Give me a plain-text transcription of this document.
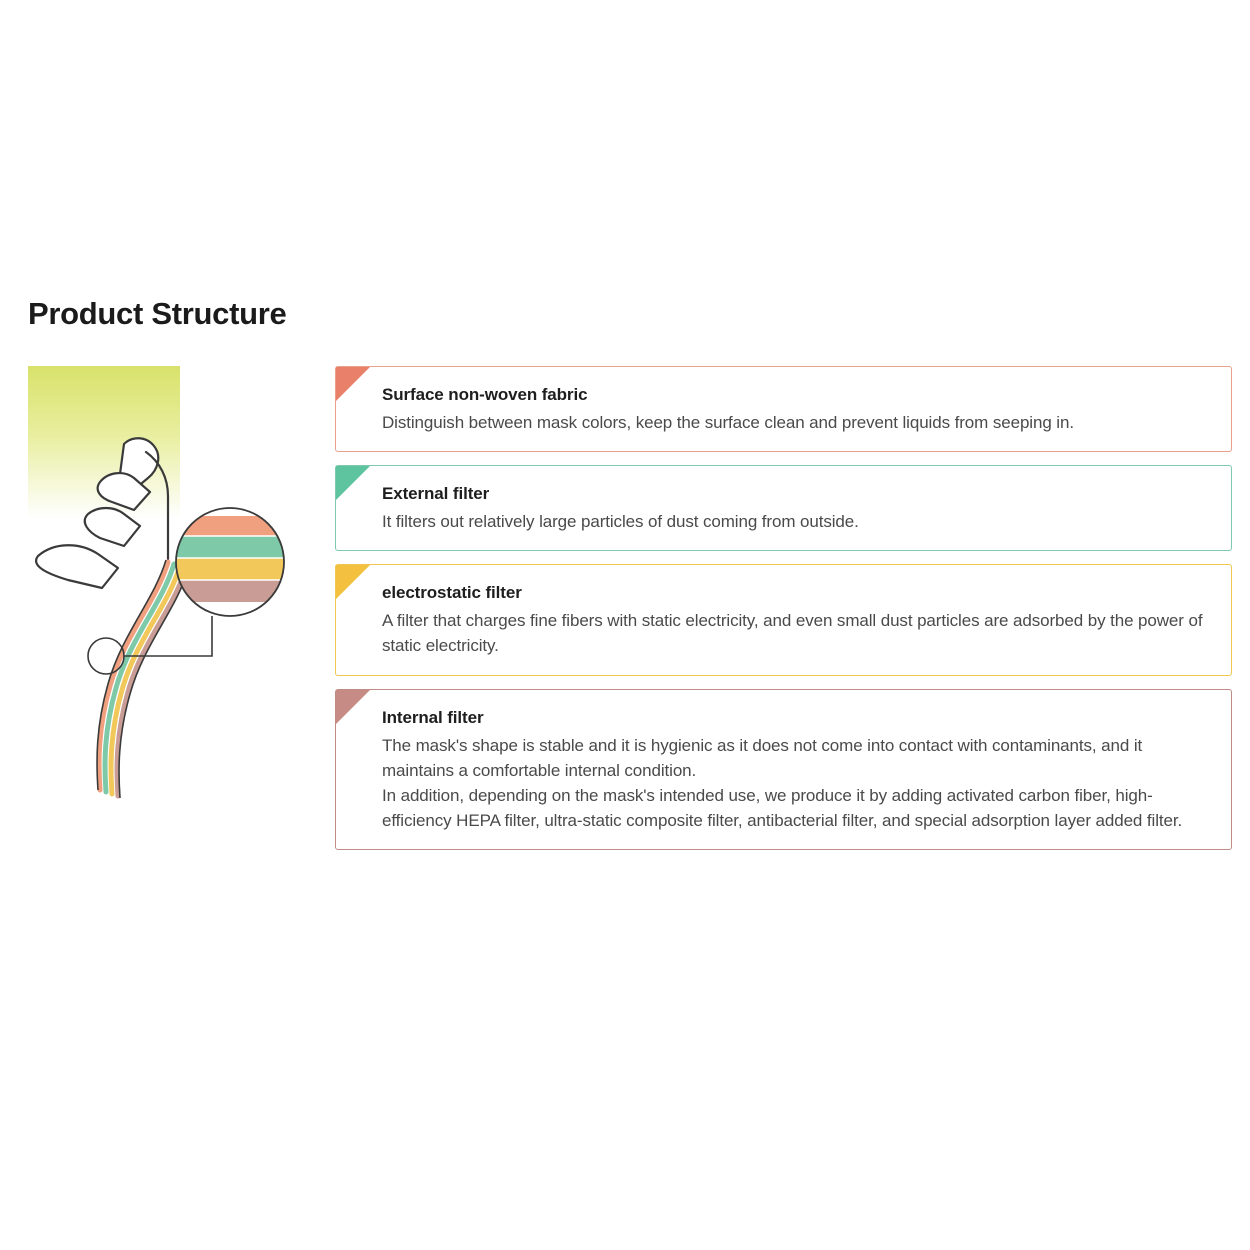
Product Structure
Surface non-woven fabric
Distinguish between mask colors, keep the surface clean and prevent liquids from seeping in.
External filter
It filters out relatively large particles of dust coming from outside.
electrostatic filter
A filter that charges fine fibers with static electricity, and even small dust particles are adsorbed by the power of static electricity.
Internal filter
The mask's shape is stable and it is hygienic as it does not come into contact with contaminants, and it maintains a comfortable internal condition.
In addition, depending on the mask's intended use, we produce it by adding activated carbon fiber, high-efficiency HEPA filter, ultra-static composite filter, antibacterial filter, and special adsorption layer added filter.
